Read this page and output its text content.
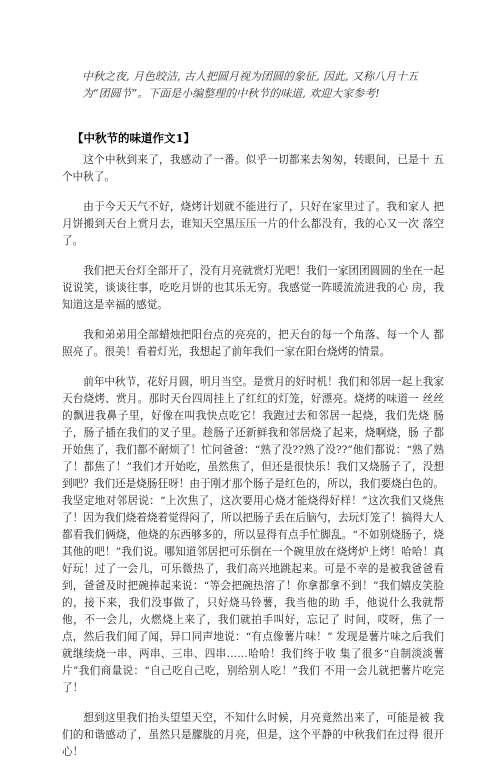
中秋之夜, 月色皎洁, 古人把圆月视为团圆的象征, 因此, 又称八月十五 为“团圆节”。下面是小编整理的中秋节的味道, 欢迎大家参考!
【中秋节的味道作文1】

这个中秋到来了，我感动了一番。似乎一切都来去匆匆，转眼间，已是十 五个中秋了。

由于今天天气不好，烧烤计划就不能进行了，只好在家里过了。我和家人 把月饼搬到天台上赏月去，谁知天空黑压压一片的什么都没有，我的心又一次 落空了。

我们把天台灯全部开了，没有月亮就赏灯光吧！我们一家团团圆圆的坐在一起说说笑，谈谈往事，吃吃月饼的也其乐无穷。我感觉一阵暖流流进我的心 房，我知道这是幸福的感觉。

我和弟弟用全部蜡烛把阳台点的亮亮的，把天台的每一个角落、每一个人 都照亮了。很美！看着灯光，我想起了前年我们一家在阳台烧烤的情景。

前年中秋节，花好月圆，明月当空。是赏月的好时机！我们和邻居一起上我家天台烧烤、赏月。那时天台四周挂上了红红的灯笼，好漂亮。烧烤的味道一 丝丝的飘进我鼻子里，好像在叫我快点吃它！我跑过去和邻居一起烧，我们先烧 肠子，肠子插在我们的叉子里。趁肠子还新鲜我和邻居烧了起来，烧啊烧，肠 子都开始焦了，我们都不耐烦了！忙问爸爸：“熟了没??熟了没??”他们都说：“熟了熟了！都焦了！”我们才开始吃，虽然焦了，但还是很快乐！我们又烧肠子了，没想到吧？我们还是烧肠狂呀！由于刚才那个肠子是红色的，所以，我们要烧白色的。我坚定地对邻居说：“上次焦了，这次要用心烧才能烧得好样！”这次我们又烧焦了！因为我们烧着烧着觉得闷了，所以把肠子丢在后脑勺，去玩灯笼了！搞得大人都看我们俩烧，他烧的东西够多的，所以显得有点手忙脚乱。“不如别烧肠子，烧其他的吧！”我们说。哪知道邻居把可乐倒在一个碗里放在烧烤炉上烤！哈哈！真好玩！过了一会儿，可乐微热了，我们高兴地跳起来。可是不幸的是被我爸爸看到，爸爸及时把碗捧起来说：“等会把碗热溶了！你拿都拿不到！”我们嬉皮笑脸的，接下来，我们没事做了，只好烧马铃薯，我当他的助 手，他说什么我就帮他，不一会儿，火燃烧上来了，我们就拍手叫好，忘记了 时间，哎呀，焦了一点，然后我们闻了闻，异口同声地说：“有点像薯片味！” 发现是薯片味之后我们就继续烧一串、两串、三串、四串……哈哈！我们终于收 集了很多“自制淡淡薯片”我们商量说：“自己吃自己吃，别给别人吃！”我们 不用一会儿就把薯片吃完了！

想到这里我们抬头望望天空，不知什么时候，月亮竟然出来了，可能是被 我们的和谐感动了，虽然只是朦胧的月亮，但是，这个平静的中秋我们在过得 很开心！
